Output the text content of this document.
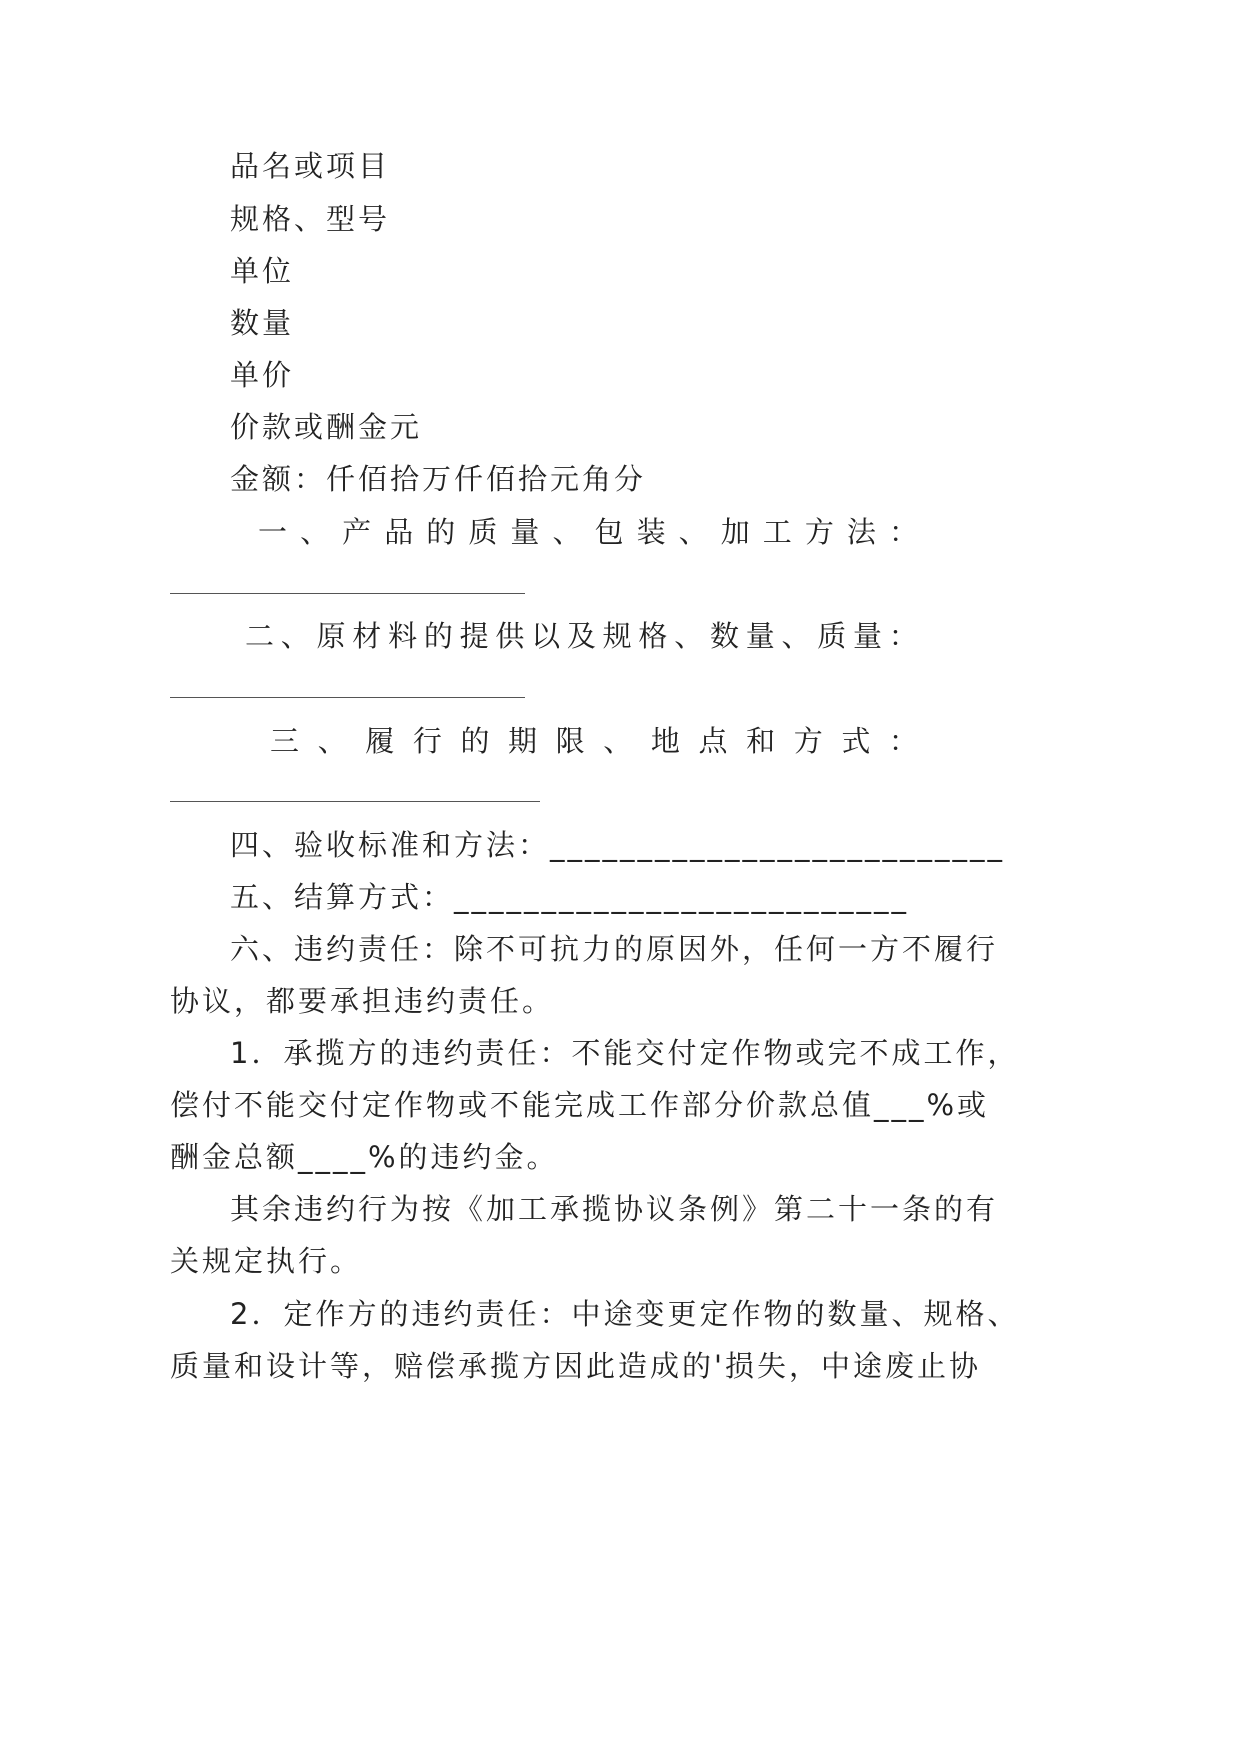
品名或项目
规格、型号
单位
数量
单价
价款或酬金元
金额：仟佰拾万仟佰拾元角分
一 、 产 品 的 质 量 、 包 装 、 加 工 方 法 ：
二 、 原 材 料 的 提 供 以 及 规 格 、 数 量 、 质 量 ：
三 、 履 行 的 期 限 、 地 点 和 方 式 ：
四、验收标准和方法：__________________________
五、结算方式：__________________________
六、违约责任：除不可抗力的原因外，任何一方不履行
协议，都要承担违约责任。
1．承揽方的违约责任：不能交付定作物或完不成工作，
偿付不能交付定作物或不能完成工作部分价款总值___%或
酬金总额____%的违约金。
其余违约行为按《加工承揽协议条例》第二十一条的有
关规定执行。
2．定作方的违约责任：中途变更定作物的数量、规格、
质量和设计等，赔偿承揽方因此造成的'损失，中途废止协
